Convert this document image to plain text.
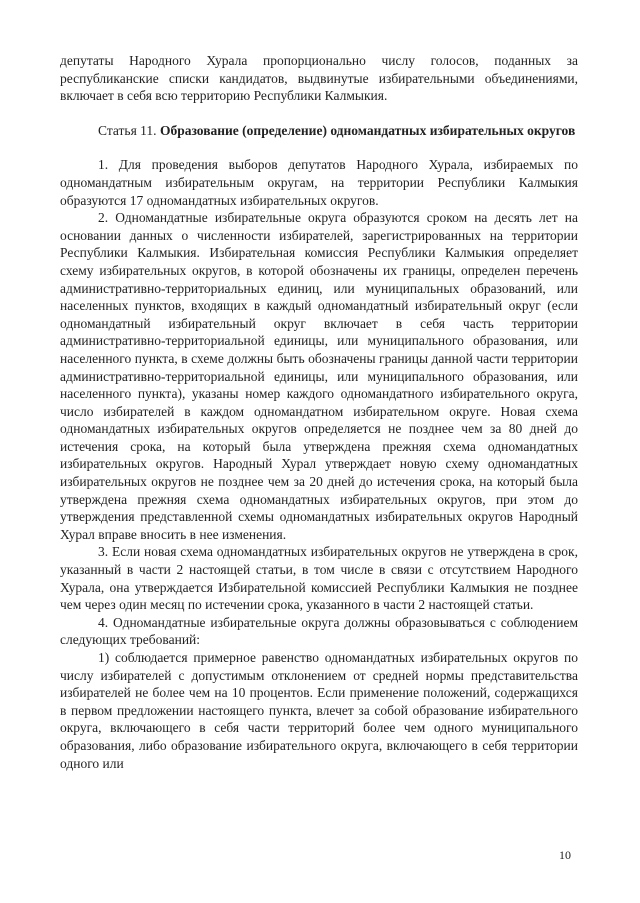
депутаты Народного Хурала пропорционально числу голосов, поданных за республиканские списки кандидатов, выдвинутые избирательными объединениями, включает в себя всю территорию Республики Калмыкия.

Статья 11. Образование (определение) одномандатных избирательных округов

1. Для проведения выборов депутатов Народного Хурала, избираемых по одномандатным избирательным округам, на территории Республики Калмыкия образуются 17 одномандатных избирательных округов.

2. Одномандатные избирательные округа образуются сроком на десять лет на основании данных о численности избирателей, зарегистрированных на территории Республики Калмыкия. Избирательная комиссия Республики Калмыкия определяет схему избирательных округов, в которой обозначены их границы, определен перечень административно-территориальных единиц, или муниципальных образований, или населенных пунктов, входящих в каждый одномандатный избирательный округ (если одномандатный избирательный округ включает в себя часть территории административно-территориальной единицы, или муниципального образования, или населенного пункта, в схеме должны быть обозначены границы данной части территории административно-территориальной единицы, или муниципального образования, или населенного пункта), указаны номер каждого одномандатного избирательного округа, число избирателей в каждом одномандатном избирательном округе. Новая схема одномандатных избирательных округов определяется не позднее чем за 80 дней до истечения срока, на который была утверждена прежняя схема одномандатных избирательных округов. Народный Хурал утверждает новую схему одномандатных избирательных округов не позднее чем за 20 дней до истечения срока, на который была утверждена прежняя схема одномандатных избирательных округов, при этом до утверждения представленной схемы одномандатных избирательных округов Народный Хурал вправе вносить в нее изменения.

3. Если новая схема одномандатных избирательных округов не утверждена в срок, указанный в части 2 настоящей статьи, в том числе в связи с отсутствием Народного Хурала, она утверждается Избирательной комиссией Республики Калмыкия не позднее чем через один месяц по истечении срока, указанного в части 2 настоящей статьи.

4. Одномандатные избирательные округа должны образовываться с соблюдением следующих требований:

1) соблюдается примерное равенство одномандатных избирательных округов по числу избирателей с допустимым отклонением от средней нормы представительства избирателей не более чем на 10 процентов. Если применение положений, содержащихся в первом предложении настоящего пункта, влечет за собой образование избирательного округа, включающего в себя части территорий более чем одного муниципального образования, либо образование избирательного округа, включающего в себя территории одного или

10
